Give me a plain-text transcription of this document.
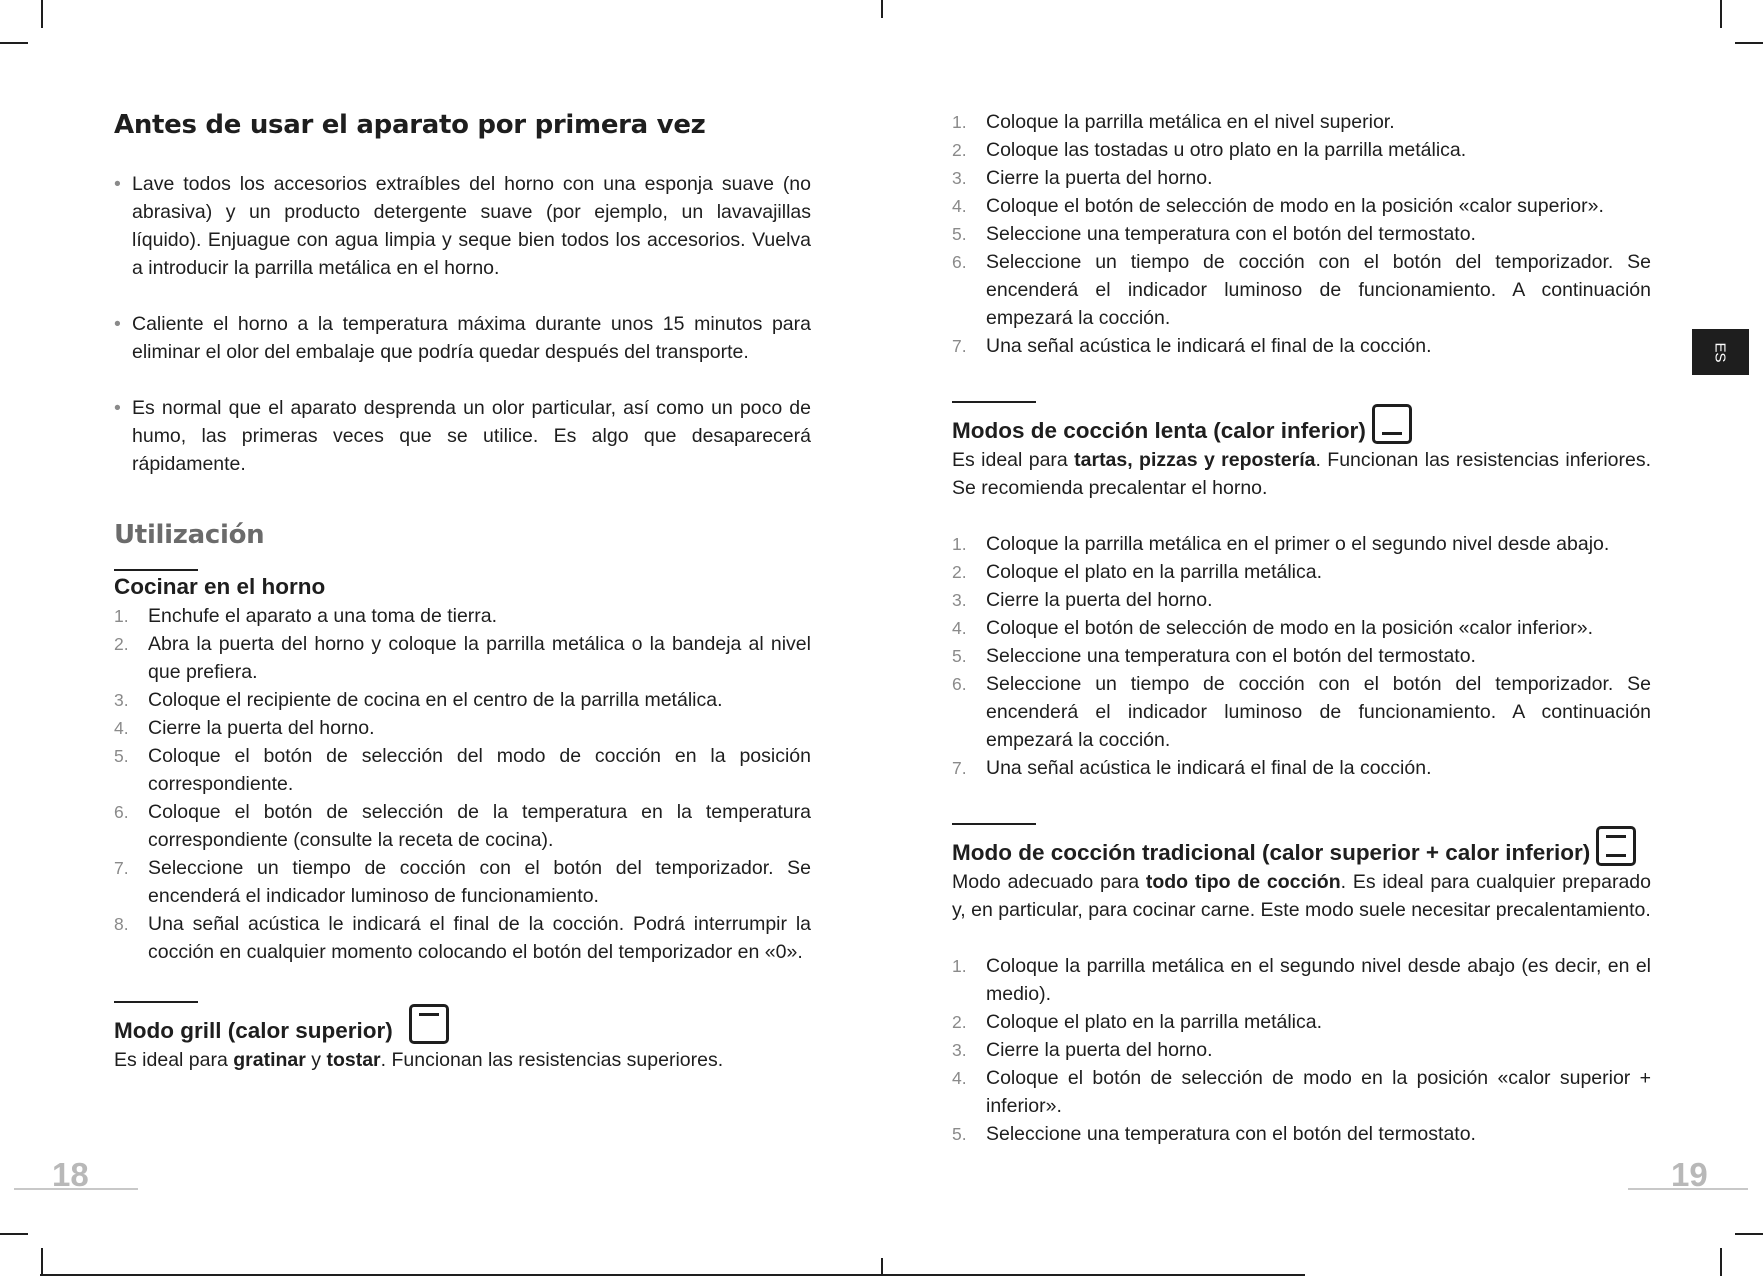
Antes de usar el aparato por primera vez
• Lave todos los accesorios extraíbles del horno con una esponja suave (no abrasiva) y un producto detergente suave (por ejemplo, un lavavajillas líquido). Enjuague con agua limpia y seque bien todos los accesorios. Vuelva a introducir la parrilla metálica en el horno.
• Caliente el horno a la temperatura máxima durante unos 15 minutos para eliminar el olor del embalaje que podría quedar después del transporte.
• Es normal que el aparato desprenda un olor particular, así como un poco de humo, las primeras veces que se utilice. Es algo que desaparecerá rápidamente.
Utilización
Cocinar en el horno
1. Enchufe el aparato a una toma de tierra.
2. Abra la puerta del horno y coloque la parrilla metálica o la bandeja al nivel que prefiera.
3. Coloque el recipiente de cocina en el centro de la parrilla metálica.
4. Cierre la puerta del horno.
5. Coloque el botón de selección del modo de cocción en la posición correspondiente.
6. Coloque el botón de selección de la temperatura en la temperatura correspondiente (consulte la receta de cocina).
7. Seleccione un tiempo de cocción con el botón del temporizador. Se encenderá el indicador luminoso de funcionamiento.
8. Una señal acústica le indicará el final de la cocción. Podrá interrumpir la cocción en cualquier momento colocando el botón del temporizador en «0».
Modo grill (calor superior)

Es ideal para gratinar y tostar. Funcionan las resistencias superiores.

18
1. Coloque la parrilla metálica en el nivel superior.
2. Coloque las tostadas u otro plato en la parrilla metálica.
3. Cierre la puerta del horno.
4. Coloque el botón de selección de modo en la posición «calor superior».
5. Seleccione una temperatura con el botón del termostato.
6. Seleccione un tiempo de cocción con el botón del temporizador. Se encenderá el indicador luminoso de funcionamiento. A continuación empezará la cocción.
7. Una señal acústica le indicará el final de la cocción.
Modos de cocción lenta (calor inferior)

Es ideal para tartas, pizzas y repostería. Funcionan las resistencias inferiores. Se recomienda precalentar el horno.

1. Coloque la parrilla metálica en el primer o el segundo nivel desde abajo.
2. Coloque el plato en la parrilla metálica.
3. Cierre la puerta del horno.
4. Coloque el botón de selección de modo en la posición «calor inferior».
5. Seleccione una temperatura con el botón del termostato.
6. Seleccione un tiempo de cocción con el botón del temporizador. Se encenderá el indicador luminoso de funcionamiento. A continuación empezará la cocción.
7. Una señal acústica le indicará el final de la cocción.
Modo de cocción tradicional (calor superior + calor inferior)

Modo adecuado para todo tipo de cocción. Es ideal para cualquier preparado y, en particular, para cocinar carne. Este modo suele necesitar precalentamiento.

1. Coloque la parrilla metálica en el segundo nivel desde abajo (es decir, en el medio).
2. Coloque el plato en la parrilla metálica.
3. Cierre la puerta del horno.
4. Coloque el botón de selección de modo en la posición «calor superior + inferior».
5. Seleccione una temperatura con el botón del termostato.
ES
19
